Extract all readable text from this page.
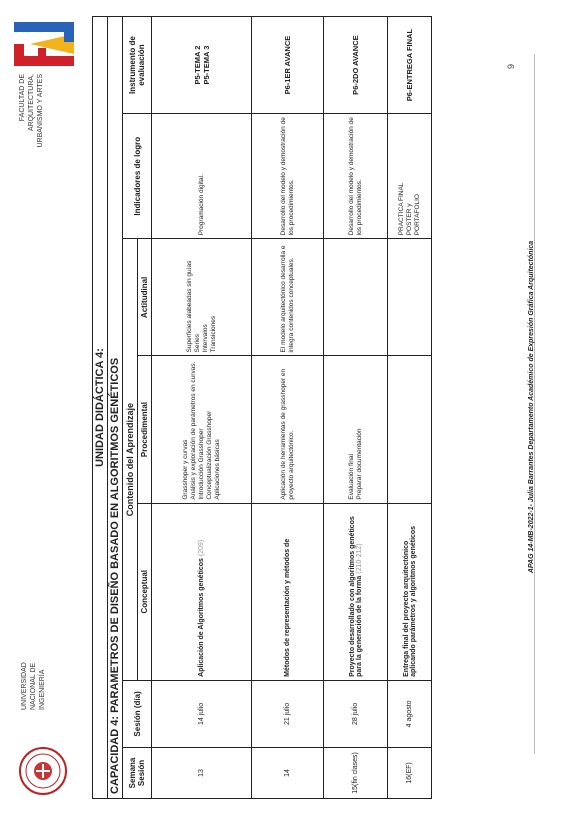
UNIVERSIDAD NACIONAL DE INGENIERÍA
FACULTAD DE ARQUITECTURA, URBANISMO Y ARTES
UNIDAD DIDÁCTICA 4:						
CAPACIDAD 4: PARAMETROS DE DISEÑO BASADO EN ALGORITMOS GENÉTICOS						
Semana Sesión	Sesión (día)	Contenido del Aprendizaje			Indicadores de logro	Instrumento de evaluación
		Conceptual	Procedimental	Actitudinal		
13	14 julio	Aplicación de Algoritmos genéticos (209)	Grasshoper y curvas
Análisis y exploración de parámetros en curvas.
Introducción Grasshoper
Conceptualización Grasshoper
Aplicaciones básicas	Superficies alabeadas sin guías
Series
Intervalos
Transiciones	Programación digital.	P5-TEMA 2
P5-TEMA 3
14	21 julio	Métodos de representación y métodos de	Aplicación de herramientas de grasshoper en proyecto arquitectónico.	El modelo arquitectónico desarrolla e integra contenidos conceptuales.	Desarrollo del modelo y demostración de los procedimientos.	P6-1ER AVANCE
15(fin clases)	28 julio	Proyecto desarrollado con algoritmos genéticos para la generación de la forma (210-212)	Evaluación final
Preparar documentación		Desarrollo del modelo y demostración de los procedimientos.	P6-2DO AVANCE
16(EF)	4 agosto	Entrega final del proyecto arquitectónico aplicando parámetros y algoritmos genéticos			PRACTICA FINAL
POSTER y
PORTAFOLIO	P6-ENTREGA FINAL	9
APAG 14-MB-2022-1- Julia Barrantes Departamento Académico de Expresión Gráfica Arquitectónica
